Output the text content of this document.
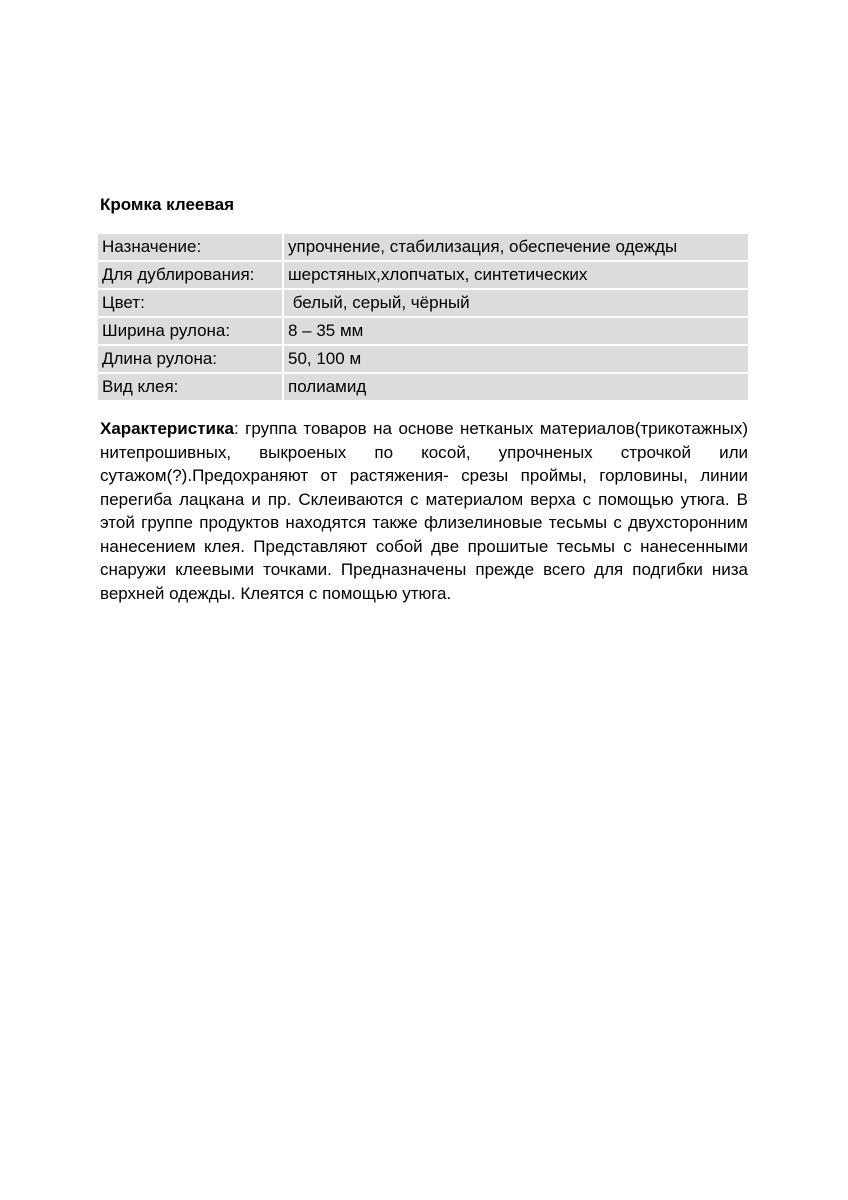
Кромка клеевая
Назначение:	упрочнение, стабилизация, обеспечение одежды
Для дублирования:	шерстяных,хлопчатых, синтетических
Цвет:	белый, серый, чёрный
Ширина рулона:	8 – 35 мм
Длина рулона:	50, 100 м
Вид клея:	полиамид

Характеристика: группа товаров на основе нетканых материалов(трикотажных) нитепрошивных, выкроеных по косой, упрочненых строчкой или сутажом(?).Предохраняют от растяжения- срезы проймы, горловины, линии перегиба лацкана и пр. Склеиваются с материалом верха с помощью утюга. В этой группе продуктов находятся также флизелиновые тесьмы с двухсторонним нанесением клея. Представляют собой две прошитые тесьмы с нанесенными снаружи клеевыми точками. Предназначены прежде всего для подгибки низа верхней одежды. Клеятся с помощью утюга.
